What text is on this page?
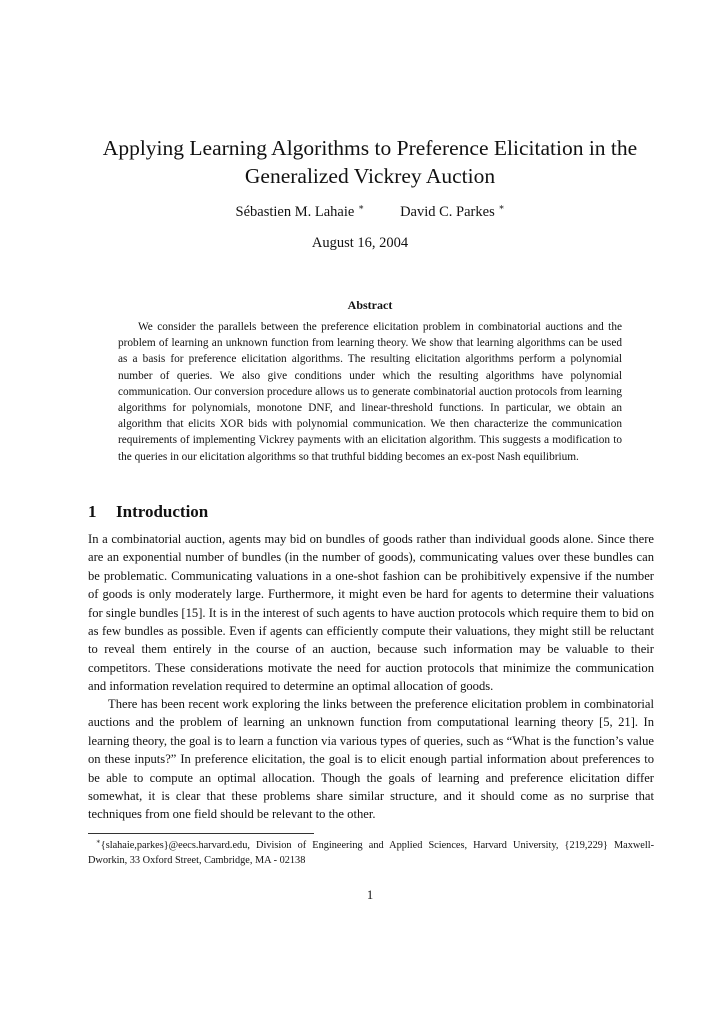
Applying Learning Algorithms to Preference Elicitation in the Generalized Vickrey Auction
Sébastien M. Lahaie ∗ David C. Parkes ∗
August 16, 2004
Abstract

We consider the parallels between the preference elicitation problem in combinatorial auctions and the problem of learning an unknown function from learning theory. We show that learning algorithms can be used as a basis for preference elicitation algorithms. The resulting elicitation algorithms perform a polynomial number of queries. We also give conditions under which the resulting algorithms have polynomial communication. Our conversion procedure allows us to generate combinatorial auction protocols from learning algorithms for polynomials, monotone DNF, and linear-threshold functions. In particular, we obtain an algorithm that elicits XOR bids with polynomial communication. We then characterize the communication requirements of implementing Vickrey payments with an elicitation algorithm. This suggests a modification to the queries in our elicitation algorithms so that truthful bidding becomes an ex-post Nash equilibrium.

1 Introduction

In a combinatorial auction, agents may bid on bundles of goods rather than individual goods alone. Since there are an exponential number of bundles (in the number of goods), communicating values over these bundles can be problematic. Communicating valuations in a one-shot fashion can be prohibitively expensive if the number of goods is only moderately large. Furthermore, it might even be hard for agents to determine their valuations for single bundles [15]. It is in the interest of such agents to have auction protocols which require them to bid on as few bundles as possible. Even if agents can efficiently compute their valuations, they might still be reluctant to reveal them entirely in the course of an auction, because such information may be valuable to their competitors. These considerations motivate the need for auction protocols that minimize the communication and information revelation required to determine an optimal allocation of goods.

There has been recent work exploring the links between the preference elicitation problem in combinatorial auctions and the problem of learning an unknown function from computational learning theory [5, 21]. In learning theory, the goal is to learn a function via various types of queries, such as “What is the function’s value on these inputs?” In preference elicitation, the goal is to elicit enough partial information about preferences to be able to compute an optimal allocation. Though the goals of learning and preference elicitation differ somewhat, it is clear that these problems share similar structure, and it should come as no surprise that techniques from one field should be relevant to the other.

∗{slahaie,parkes}@eecs.harvard.edu, Division of Engineering and Applied Sciences, Harvard University, {219,229} Maxwell-Dworkin, 33 Oxford Street, Cambridge, MA - 02138

1
